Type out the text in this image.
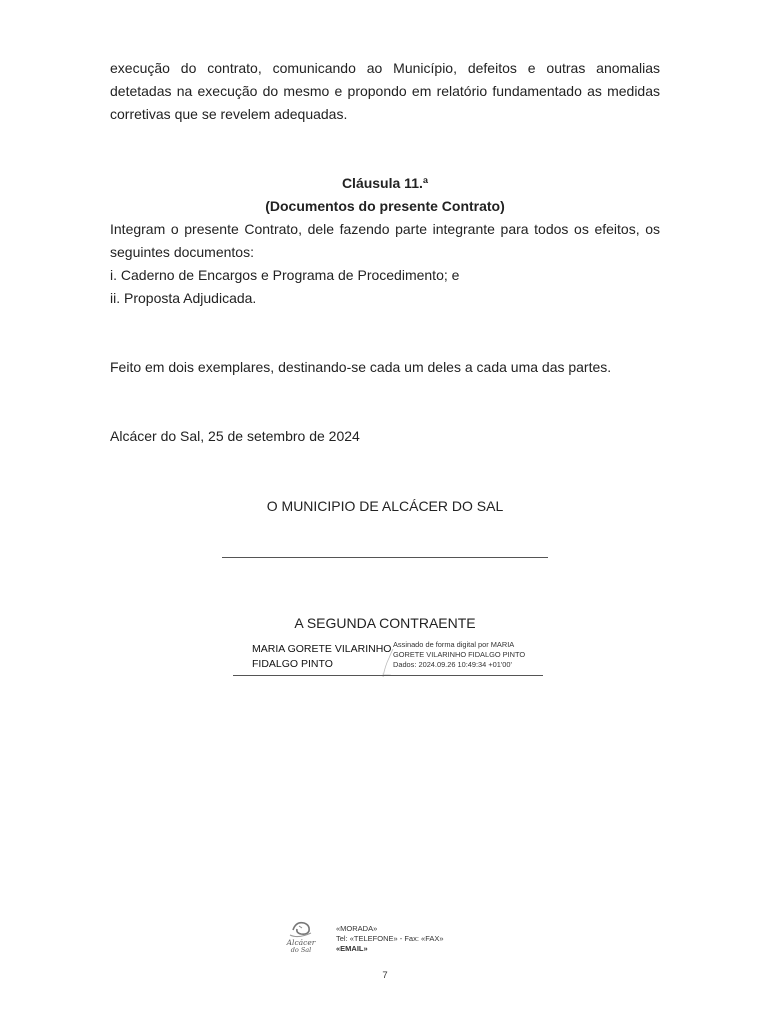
execução do contrato, comunicando ao Município, defeitos e outras anomalias

detetadas na execução do mesmo e propondo em relatório fundamentado as medidas

corretivas que se revelem adequadas.

Cláusula 11.ª

(Documentos do presente Contrato)

Integram o presente Contrato, dele fazendo parte integrante para todos os efeitos, os

seguintes documentos:

i. Caderno de Encargos e Programa de Procedimento; e

ii. Proposta Adjudicada.

Feito em dois exemplares, destinando-se cada um deles a cada uma das partes.

Alcácer do Sal, 25 de setembro de 2024

O MUNICIPIO DE ALCÁCER DO SAL

A SEGUNDA CONTRAENTE

MARIA GORETE VILARINHO
FIDALGO PINTO
Assinado de forma digital por MARIA
GORETE VILARINHO FIDALGO PINTO
Dados: 2024.09.26 10:49:34 +01'00'
Alcácer
do Sal
«MORADA»
Tel: «TELEFONE» - Fax: «FAX»
«EMAIL»
7
